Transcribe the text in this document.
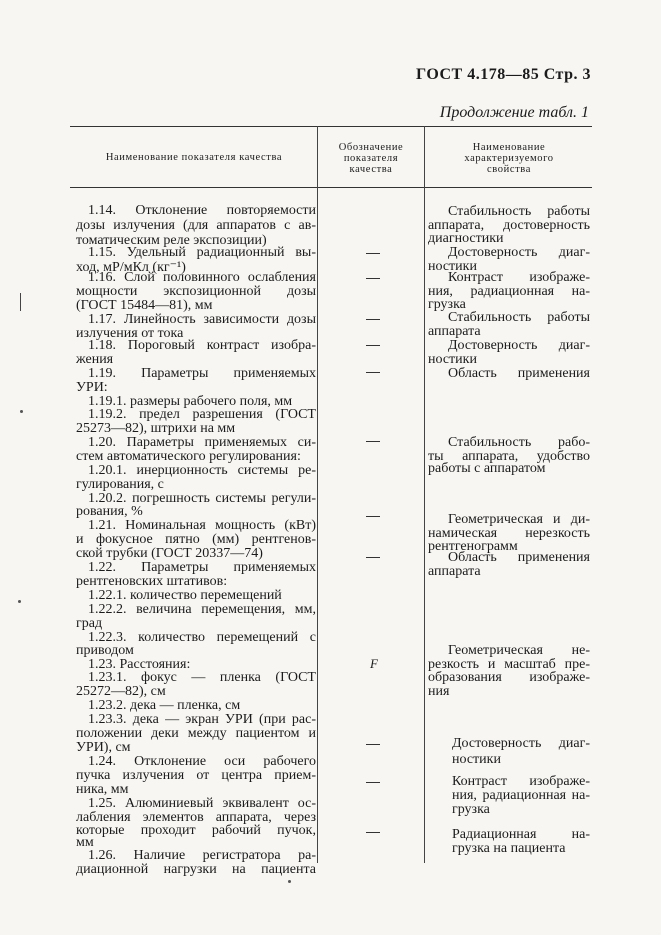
ГОСТ 4.178—85 Стр. 3
Продолжение табл. 1
Наименование показателя качества
Обозначение
показателя
качества
Наименование
характеризуемого
свойства
1.14. Отклонение повторяемости
дозы излучения (для аппаратов с ав-
томатическим реле экспозиции)
1.15. Удельный радиационный вы-
ход, мР/мКл (кг⁻¹)
1.16. Слой половинного ослабления
мощности экспозиционной дозы
(ГОСТ 15484—81), мм
1.17. Линейность зависимости дозы
излучения от тока
1.18. Пороговый контраст изобра-
жения
1.19. Параметры применяемых
УРИ:
1.19.1. размеры рабочего поля, мм
1.19.2. предел разрешения (ГОСТ
25273—82), штрихи на мм
1.20. Параметры применяемых си-
стем автоматического регулирования:
1.20.1. инерционность системы ре-
гулирования, с
1.20.2. погрешность системы регули-
рования, %
1.21. Номинальная мощность (кВт)
и фокусное пятно (мм) рентгенов-
ской трубки (ГОСТ 20337—74)
1.22. Параметры применяемых
рентгеновских штативов:
1.22.1. количество перемещений
1.22.2. величина перемещения, мм,
град
1.22.3. количество перемещений с
приводом
1.23. Расстояния:
1.23.1. фокус — пленка (ГОСТ
25272—82), см
1.23.2. дека — пленка, см
1.23.3. дека — экран УРИ (при рас-
положении деки между пациентом и
УРИ), см
1.24. Отклонение оси рабочего
пучка излучения от центра прием-
ника, мм
1.25. Алюминиевый эквивалент ос-
лабления элементов аппарата, через
которые проходит рабочий пучок,
мм
1.26. Наличие регистратора ра-
диационной нагрузки на пациента
F
Стабильность работы
аппарата, достоверность
диагностики
Достоверность диаг-
ностики
Контраст изображе-
ния, радиационная на-
грузка
Стабильность работы
аппарата
Достоверность диаг-
ностики
Область применения
Стабильность рабо-
ты аппарата, удобство
работы с аппаратом
Геометрическая и ди-
намическая нерезкость
рентгенограмм
Область применения
аппарата
Геометрическая не-
резкость и масштаб пре-
образования изображе-
ния
Достоверность диаг-
ностики
Контраст изображе-
ния, радиационная на-
грузка
Радиационная на-
грузка на пациента
